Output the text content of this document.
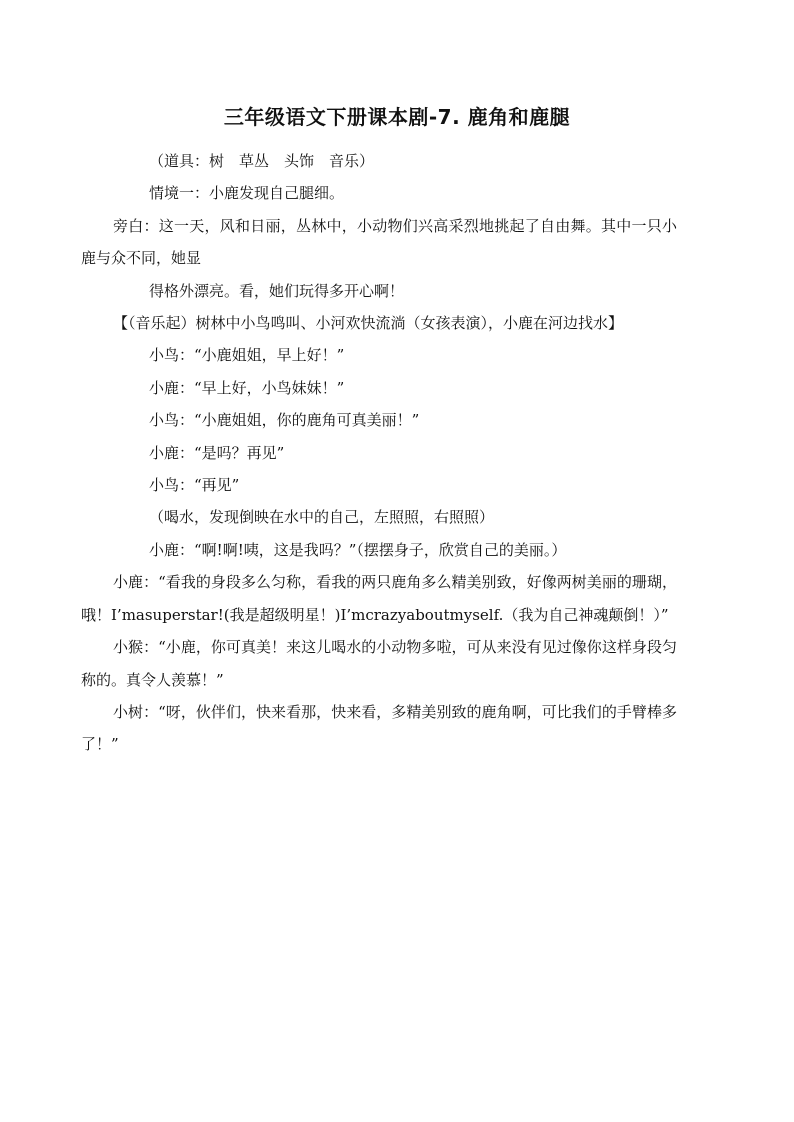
三年级语文下册课本剧-7. 鹿角和鹿腿

（道具：树　草丛　头饰　音乐）

情境一：小鹿发现自己腿细。

旁白：这一天，风和日丽，丛林中，小动物们兴高采烈地挑起了自由舞。其中一只小鹿与众不同，她显

得格外漂亮。看，她们玩得多开心啊！

【（音乐起）树林中小鸟鸣叫、小河欢快流淌（女孩表演），小鹿在河边找水】

小鸟：“小鹿姐姐，早上好！”

小鹿：“早上好，小鸟妹妹！”

小鸟：“小鹿姐姐，你的鹿角可真美丽！”

小鹿：“是吗？再见”

小鸟：“再见”

（喝水，发现倒映在水中的自己，左照照，右照照）

小鹿：“啊!啊!咦，这是我吗？”（摆摆身子，欣赏自己的美丽。）

小鹿：“看我的身段多么匀称，看我的两只鹿角多么精美别致，好像两树美丽的珊瑚，哦！I’masuperstar!(我是超级明星！)I’mcrazyaboutmyself.（我为自己神魂颠倒！）”

小猴：“小鹿，你可真美！来这儿喝水的小动物多啦，可从来没有见过像你这样身段匀称的。真令人羡慕！”

小树：“呀，伙伴们，快来看那，快来看，多精美别致的鹿角啊，可比我们的手臂棒多了！”
